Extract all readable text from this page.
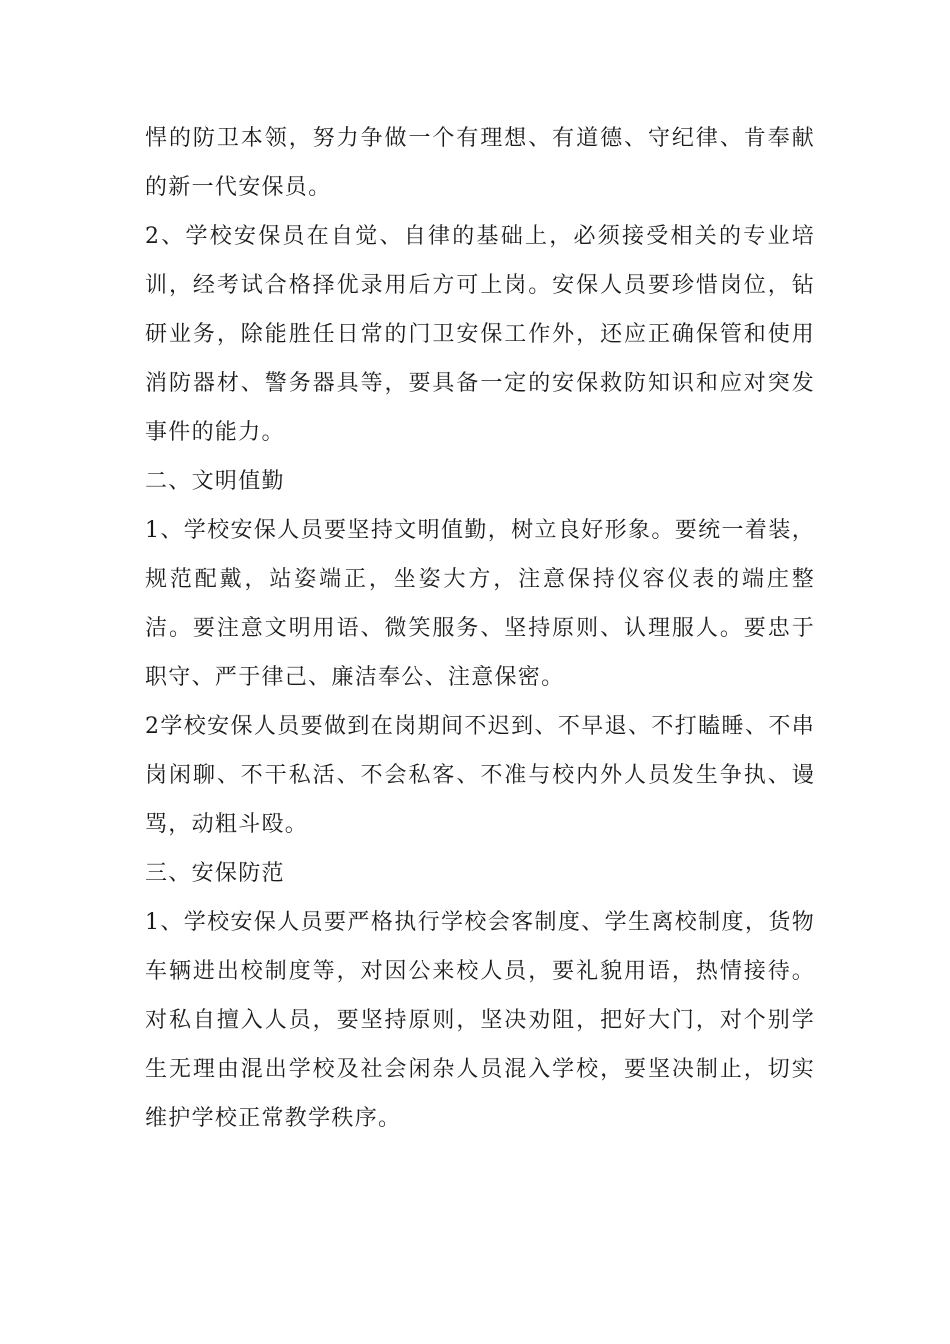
悍的防卫本领，努力争做一个有理想、有道德、守纪律、肯奉献的新一代安保员。

2、学校安保员在自觉、自律的基础上，必须接受相关的专业培训，经考试合格择优录用后方可上岗。安保人员要珍惜岗位，钻研业务，除能胜任日常的门卫安保工作外，还应正确保管和使用消防器材、警务器具等，要具备一定的安保救防知识和应对突发事件的能力。

二、文明值勤

1、学校安保人员要坚持文明值勤，树立良好形象。要统一着装，规范配戴，站姿端正，坐姿大方，注意保持仪容仪表的端庄整洁。要注意文明用语、微笑服务、坚持原则、认理服人。要忠于职守、严于律己、廉洁奉公、注意保密。

2学校安保人员要做到在岗期间不迟到、不早退、不打瞌睡、不串岗闲聊、不干私活、不会私客、不准与校内外人员发生争执、谩骂，动粗斗殴。

三、安保防范

1、学校安保人员要严格执行学校会客制度、学生离校制度，货物车辆进出校制度等，对因公来校人员，要礼貌用语，热情接待。对私自擅入人员，要坚持原则，坚决劝阻，把好大门，对个别学生无理由混出学校及社会闲杂人员混入学校，要坚决制止，切实维护学校正常教学秩序。
